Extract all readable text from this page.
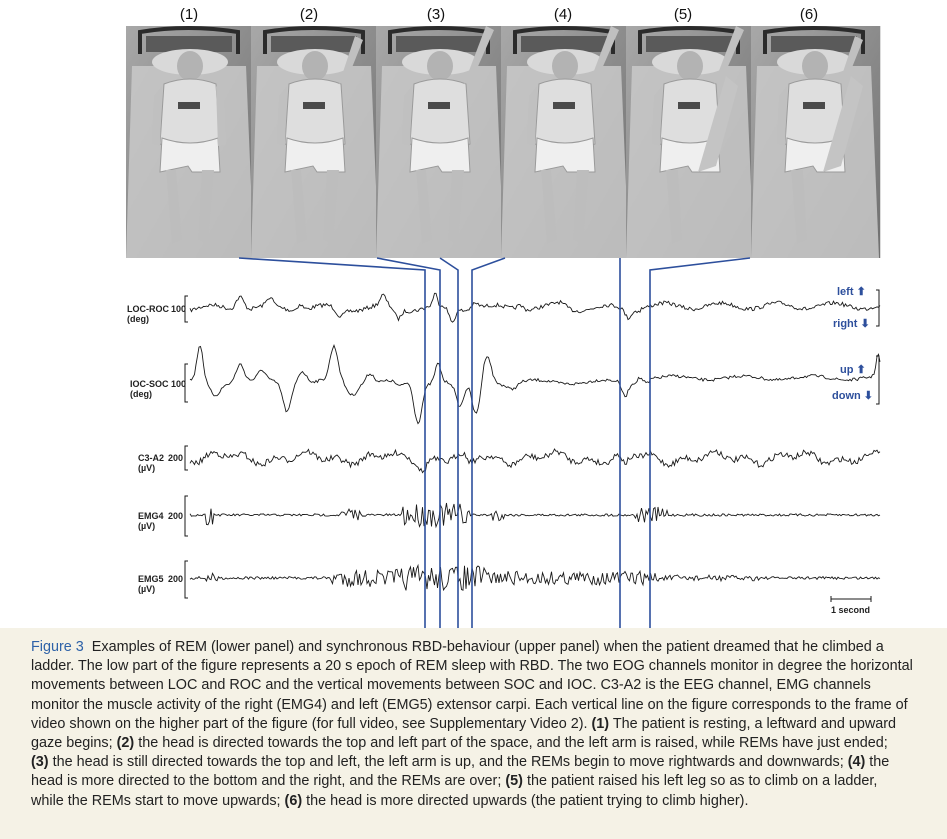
(1)	(2)	(3)	(4)	(5)	(6)
LOC-ROC
(deg)
100
IOC-SOC
(deg)
100
C3-A2
(µV)
200
EMG4
(µV)
200
EMG5
(µV)
200
left ⬆
right ⬇
up ⬆
down ⬇
1 second
Figure 3 Examples of REM (lower panel) and synchronous RBD-behaviour (upper panel) when the patient dreamed that he climbed a
ladder. The low part of the figure represents a 20 s epoch of REM sleep with RBD. The two EOG channels monitor in degree the horizontal
movements between LOC and ROC and the vertical movements between SOC and IOC. C3-A2 is the EEG channel, EMG channels
monitor the muscle activity of the right (EMG4) and left (EMG5) extensor carpi. Each vertical line on the figure corresponds to the frame of
video shown on the higher part of the figure (for full video, see Supplementary Video 2). (1) The patient is resting, a leftward and upward
gaze begins; (2) the head is directed towards the top and left part of the space, and the left arm is raised, while REMs have just ended;
(3) the head is still directed towards the top and left, the left arm is up, and the REMs begin to move rightwards and downwards; (4) the
head is more directed to the bottom and the right, and the REMs are over; (5) the patient raised his left leg so as to climb on a ladder,
while the REMs start to move upwards; (6) the head is more directed upwards (the patient trying to climb higher).
